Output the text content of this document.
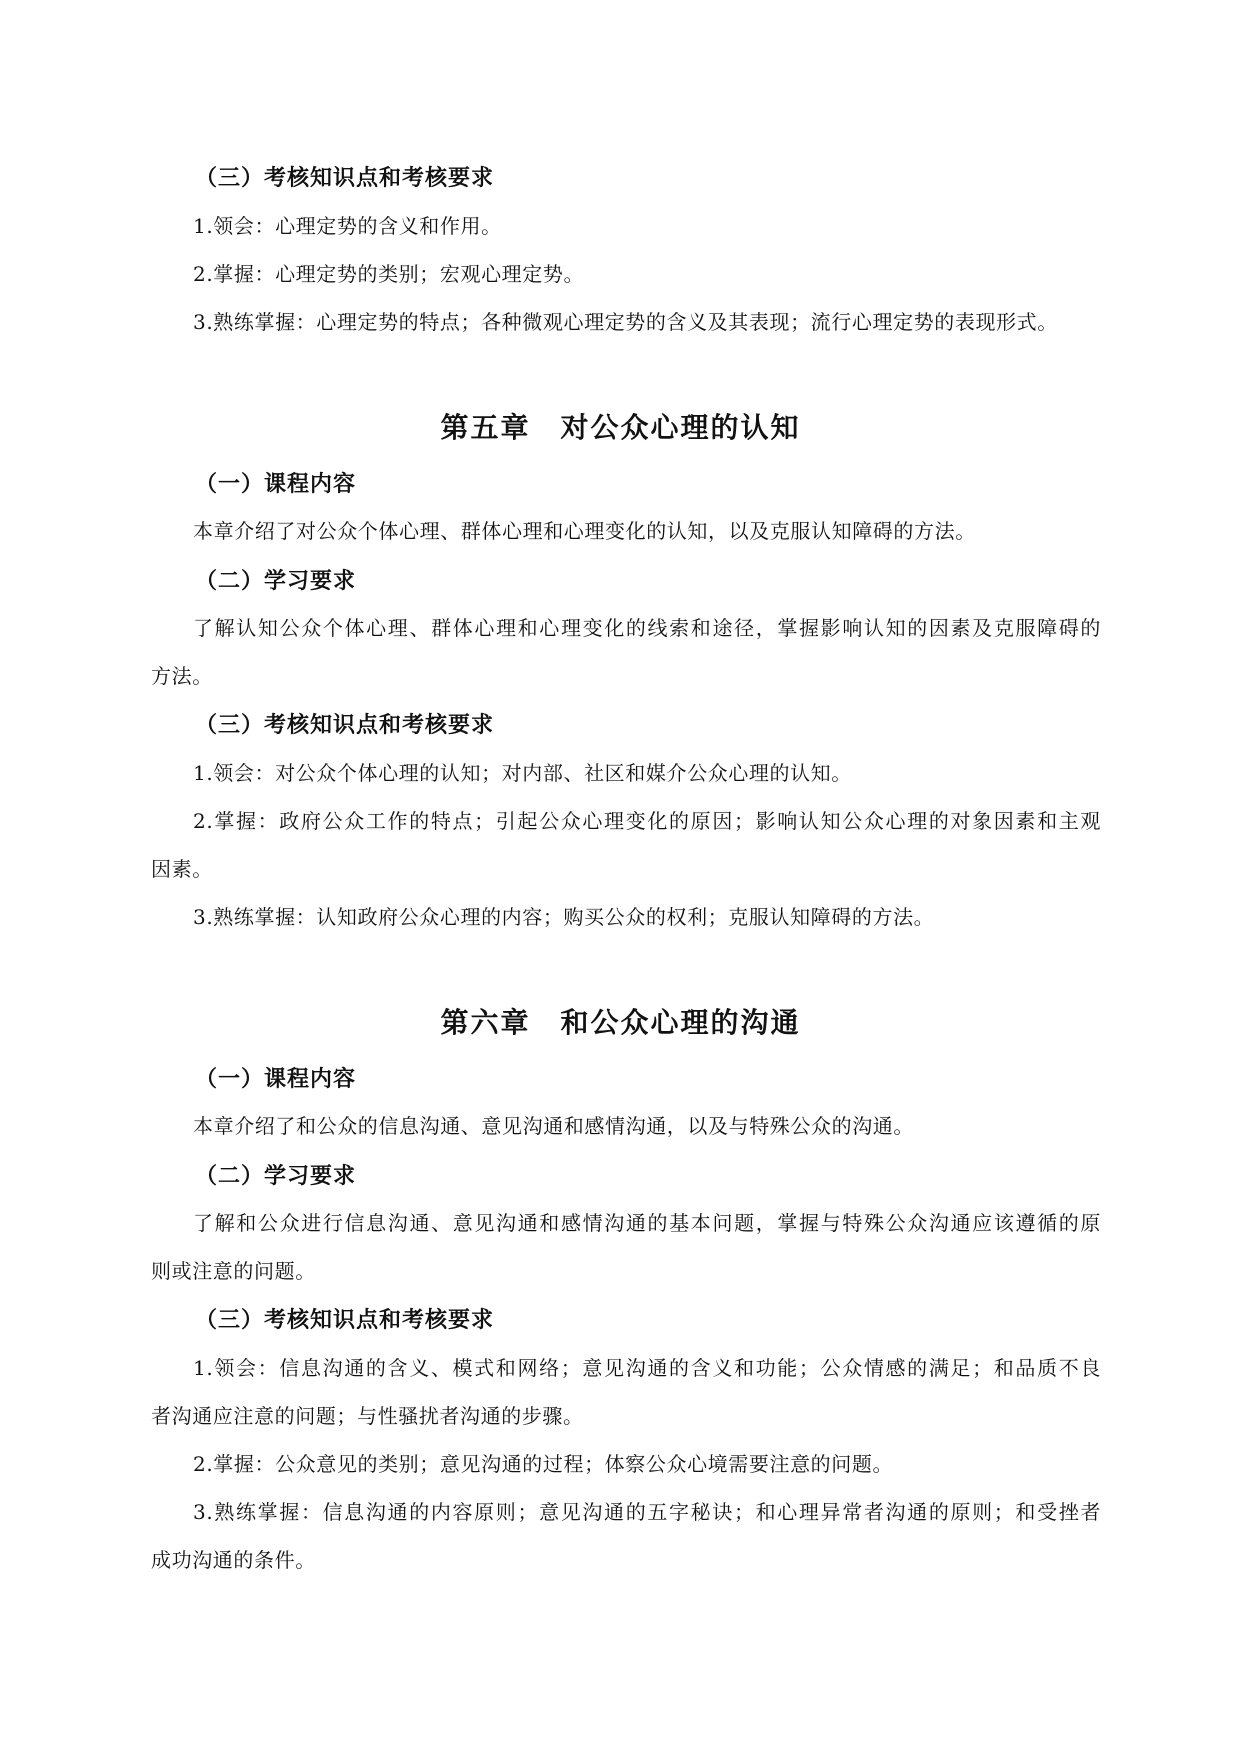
（三）考核知识点和考核要求
1.领会：心理定势的含义和作用。
2.掌握：心理定势的类别；宏观心理定势。
3.熟练掌握：心理定势的特点；各种微观心理定势的含义及其表现；流行心理定势的表现形式。
第五章　对公众心理的认知
（一）课程内容
本章介绍了对公众个体心理、群体心理和心理变化的认知，以及克服认知障碍的方法。
（二）学习要求
了解认知公众个体心理、群体心理和心理变化的线索和途径，掌握影响认知的因素及克服障碍的
方法。
（三）考核知识点和考核要求
1.领会：对公众个体心理的认知；对内部、社区和媒介公众心理的认知。
2.掌握：政府公众工作的特点；引起公众心理变化的原因；影响认知公众心理的对象因素和主观
因素。
3.熟练掌握：认知政府公众心理的内容；购买公众的权利；克服认知障碍的方法。
第六章　和公众心理的沟通
（一）课程内容
本章介绍了和公众的信息沟通、意见沟通和感情沟通，以及与特殊公众的沟通。
（二）学习要求
了解和公众进行信息沟通、意见沟通和感情沟通的基本问题，掌握与特殊公众沟通应该遵循的原
则或注意的问题。
（三）考核知识点和考核要求
1.领会：信息沟通的含义、模式和网络；意见沟通的含义和功能；公众情感的满足；和品质不良
者沟通应注意的问题；与性骚扰者沟通的步骤。
2.掌握：公众意见的类别；意见沟通的过程；体察公众心境需要注意的问题。
3.熟练掌握：信息沟通的内容原则；意见沟通的五字秘诀；和心理异常者沟通的原则；和受挫者
成功沟通的条件。
